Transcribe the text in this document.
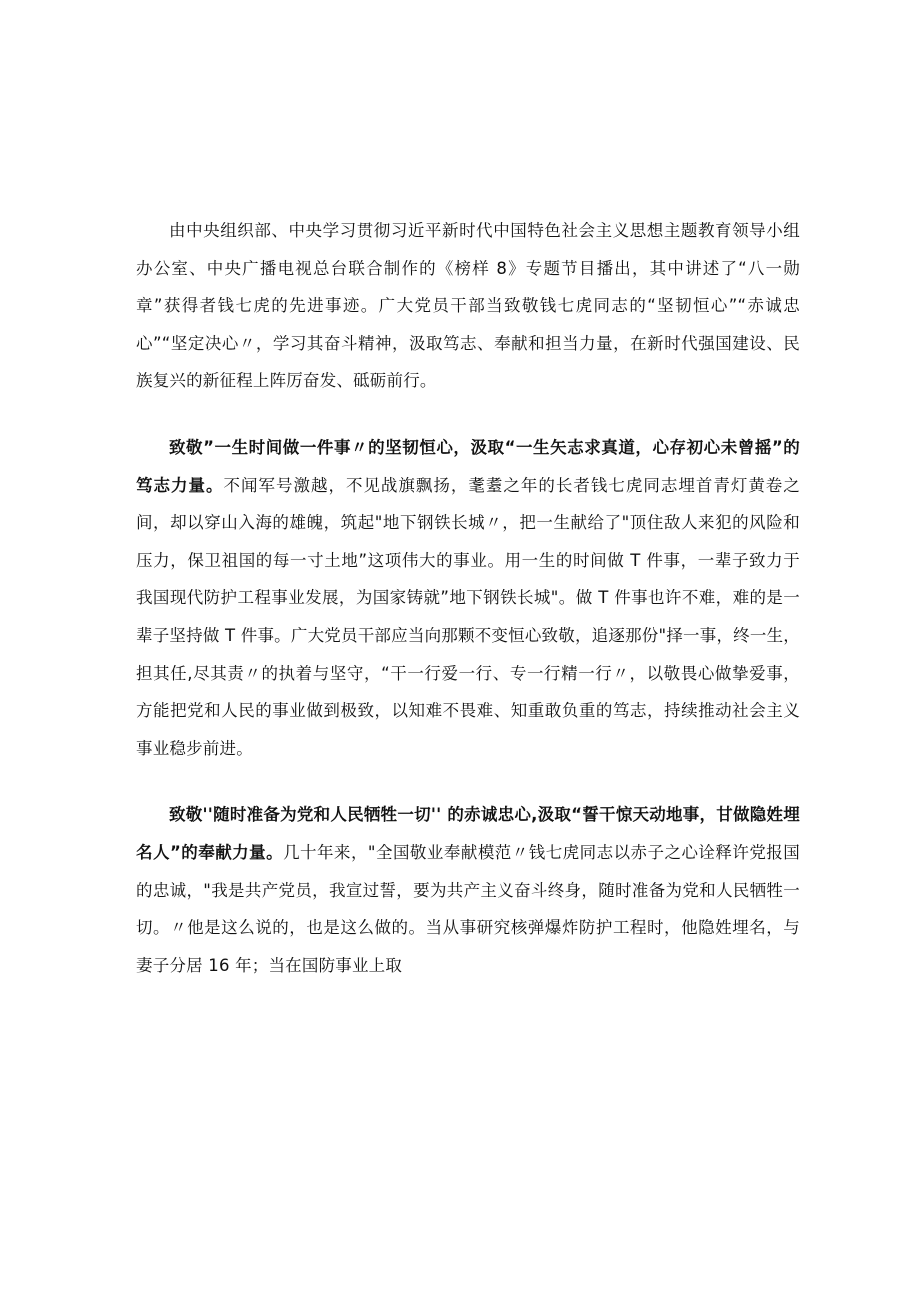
由中央组织部、中央学习贯彻习近平新时代中国特色社会主义思想主题教育领导小组办公室、中央广播电视总台联合制作的《榜样 8》专题节目播出，其中讲述了“八一勋章”获得者钱七虎的先进事迹。广大党员干部当致敬钱七虎同志的“坚韧恒心”“赤诚忠心”“坚定决心〃，学习其奋斗精神，汲取笃志、奉献和担当力量，在新时代强国建设、民族复兴的新征程上阵厉奋发、砥砺前行。

致敬”一生时间做一件事〃的坚韧恒心，汲取“一生矢志求真道，心存初心未曾摇”的笃志力量。不闻军号激越，不见战旗飘扬，耄耋之年的长者钱七虎同志埋首青灯黄卷之间，却以穿山入海的雄魄，筑起"地下钢铁长城〃，把一生献给了"顶住敌人来犯的风险和压力，保卫祖国的每一寸土地”这项伟大的事业。用一生的时间做 T 件事，一辈子致力于我国现代防护工程事业发展，为国家铸就”地下钢铁长城"。做 T 件事也许不难，难的是一辈子坚持做 T 件事。广大党员干部应当向那颗不变恒心致敬，追逐那份"择一事，终一生，担其任,尽其责〃的执着与坚守，“干一行爱一行、专一行精一行〃，以敬畏心做挚爱事，方能把党和人民的事业做到极致，以知难不畏难、知重敢负重的笃志，持续推动社会主义事业稳步前进。

致敬''随时准备为党和人民牺牲一切'' 的赤诚忠心,汲取“誓干惊天动地事，甘做隐姓埋名人”的奉献力量。几十年来，"全国敬业奉献模范〃钱七虎同志以赤子之心诠释许党报国的忠诚，"我是共产党员，我宣过誓，要为共产主义奋斗终身，随时准备为党和人民牺牲一切。〃他是这么说的，也是这么做的。当从事研究核弹爆炸防护工程时，他隐姓埋名，与妻子分居 16 年；当在国防事业上取
